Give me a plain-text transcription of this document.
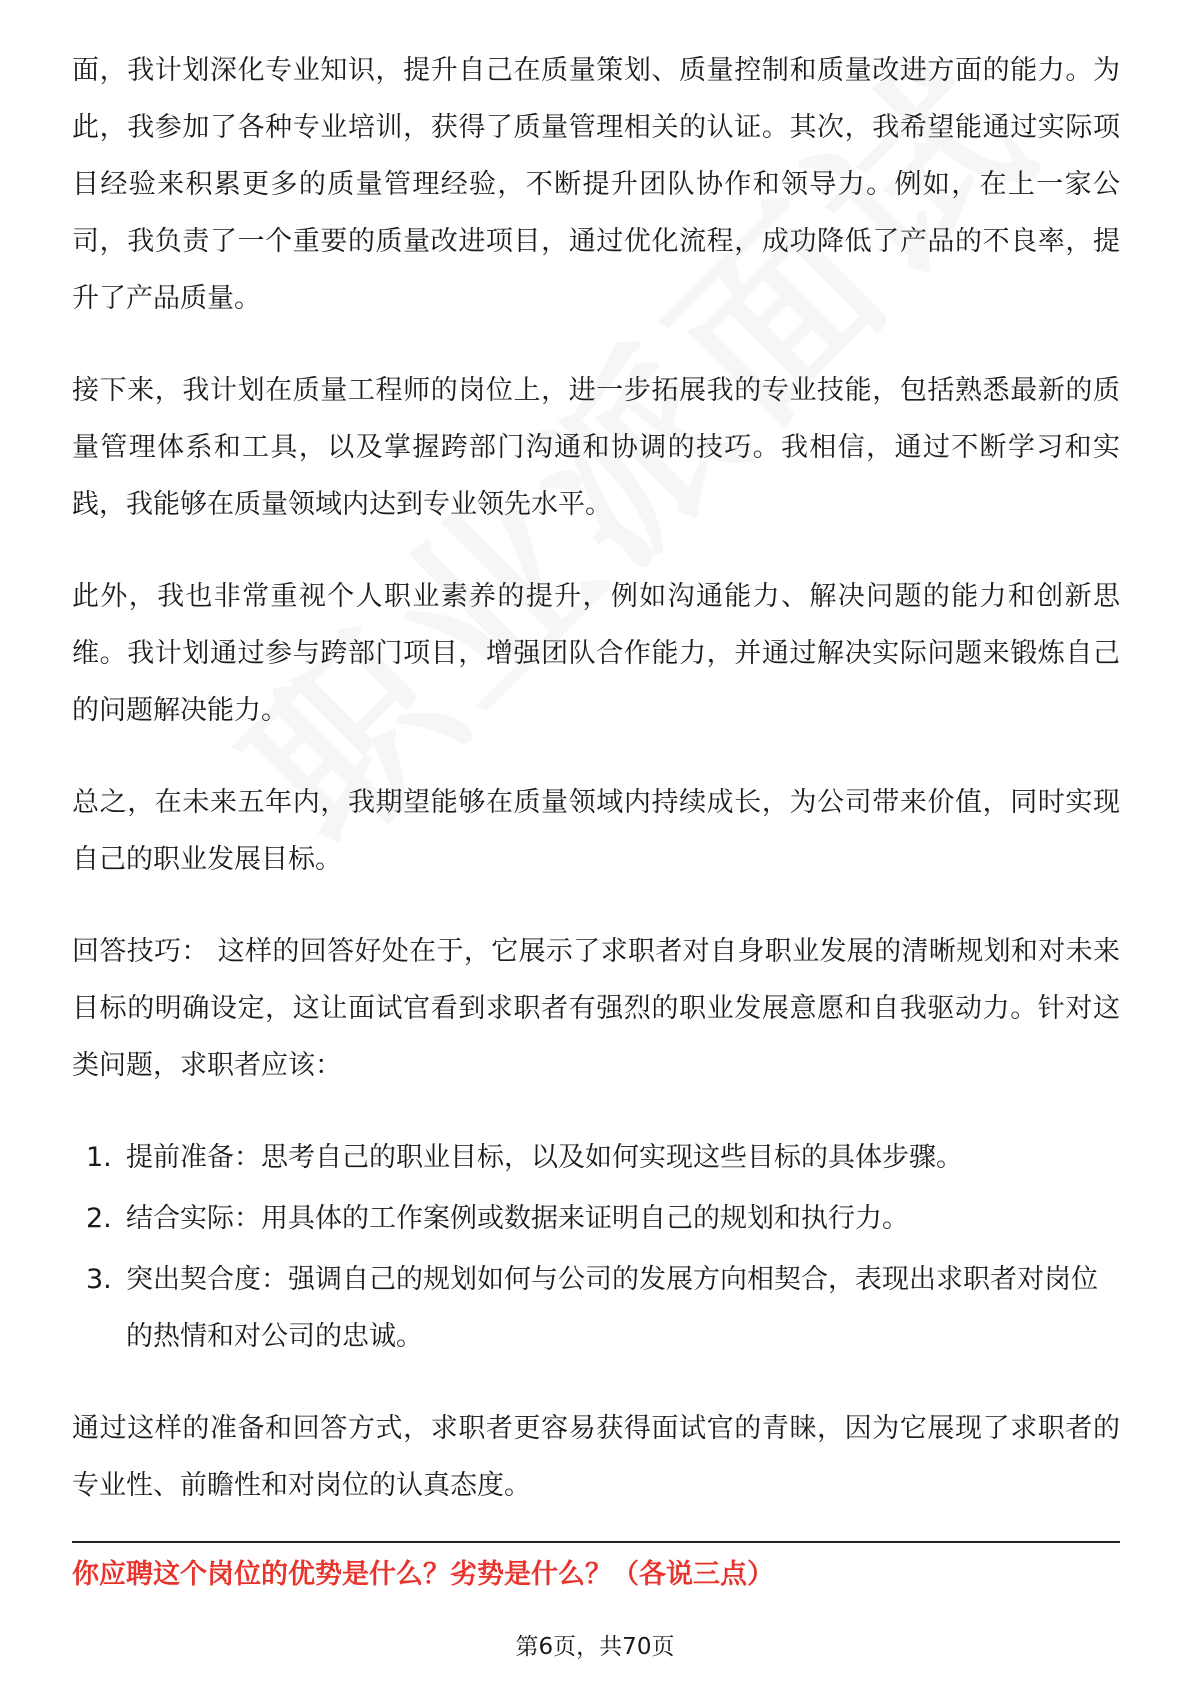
面，我计划深化专业知识，提升自己在质量策划、质量控制和质量改进方面的能力。为此，我参加了各种专业培训，获得了质量管理相关的认证。其次，我希望能通过实际项目经验来积累更多的质量管理经验，不断提升团队协作和领导力。例如，在上一家公司，我负责了一个重要的质量改进项目，通过优化流程，成功降低了产品的不良率，提升了产品质量。

接下来，我计划在质量工程师的岗位上，进一步拓展我的专业技能，包括熟悉最新的质量管理体系和工具，以及掌握跨部门沟通和协调的技巧。我相信，通过不断学习和实践，我能够在质量领域内达到专业领先水平。

此外，我也非常重视个人职业素养的提升，例如沟通能力、解决问题的能力和创新思维。我计划通过参与跨部门项目，增强团队合作能力，并通过解决实际问题来锻炼自己的问题解决能力。

总之，在未来五年内，我期望能够在质量领域内持续成长，为公司带来价值，同时实现自己的职业发展目标。

回答技巧： 这样的回答好处在于，它展示了求职者对自身职业发展的清晰规划和对未来目标的明确设定，这让面试官看到求职者有强烈的职业发展意愿和自我驱动力。针对这类问题，求职者应该：

1. 提前准备：思考自己的职业目标，以及如何实现这些目标的具体步骤。
2. 结合实际：用具体的工作案例或数据来证明自己的规划和执行力。
3. 突出契合度：强调自己的规划如何与公司的发展方向相契合，表现出求职者对岗位的热情和对公司的忠诚。

通过这样的准备和回答方式，求职者更容易获得面试官的青睐，因为它展现了求职者的专业性、前瞻性和对岗位的认真态度。

你应聘这个岗位的优势是什么？劣势是什么？（各说三点）
第6页，共70页
